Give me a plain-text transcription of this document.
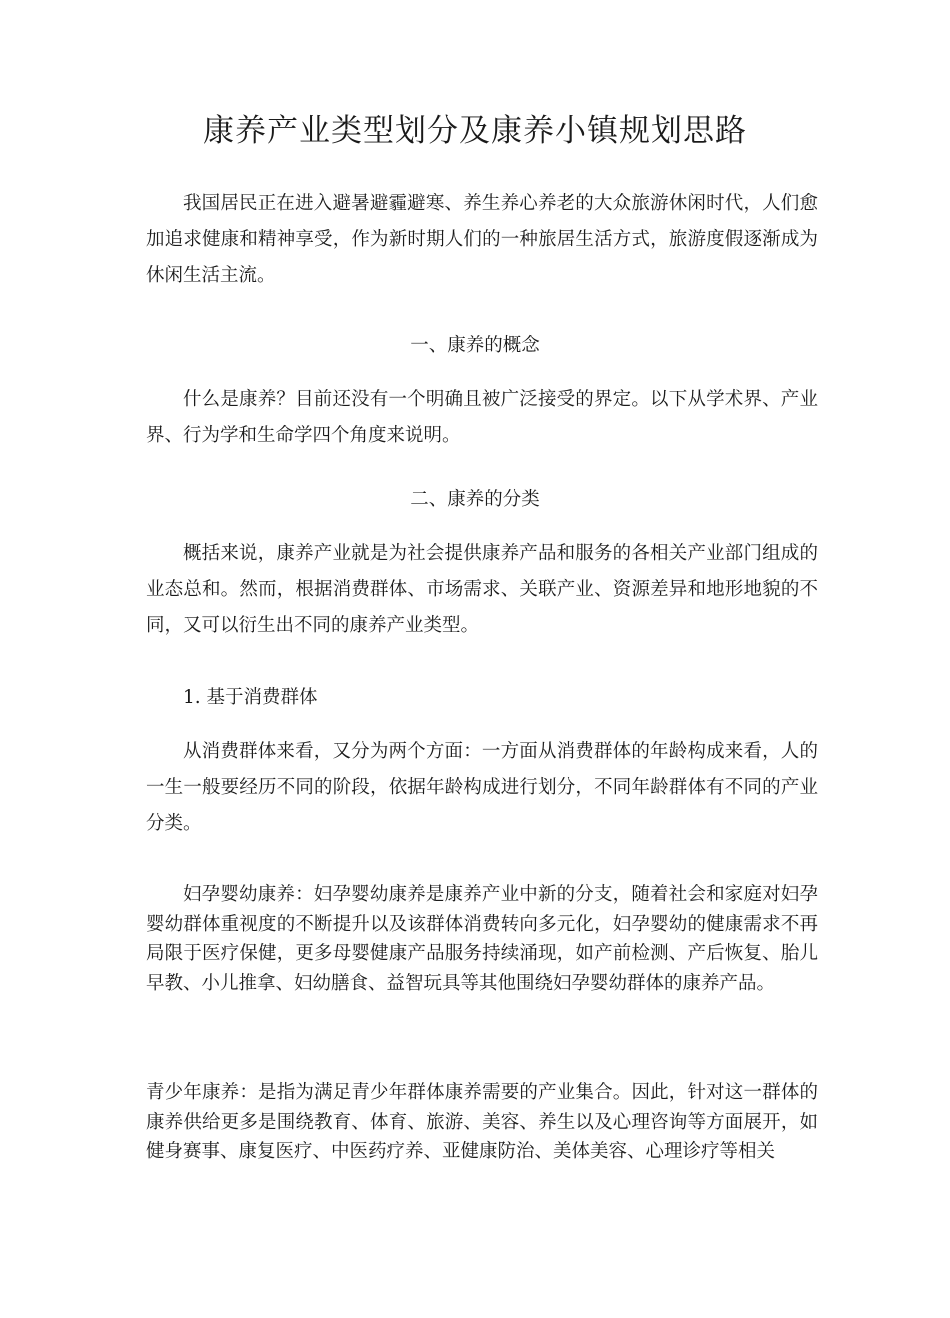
康养产业类型划分及康养小镇规划思路

我国居民正在进入避暑避霾避寒、养生养心养老的大众旅游休闲时代，人们愈加追求健康和精神享受，作为新时期人们的一种旅居生活方式，旅游度假逐渐成为休闲生活主流。

一、康养的概念

什么是康养？目前还没有一个明确且被广泛接受的界定。以下从学术界、产业界、行为学和生命学四个角度来说明。

二、康养的分类

概括来说，康养产业就是为社会提供康养产品和服务的各相关产业部门组成的业态总和。然而，根据消费群体、市场需求、关联产业、资源差异和地形地貌的不同，又可以衍生出不同的康养产业类型。

1. 基于消费群体

从消费群体来看，又分为两个方面：一方面从消费群体的年龄构成来看，人的一生一般要经历不同的阶段，依据年龄构成进行划分，不同年龄群体有不同的产业分类。

妇孕婴幼康养：妇孕婴幼康养是康养产业中新的分支，随着社会和家庭对妇孕婴幼群体重视度的不断提升以及该群体消费转向多元化，妇孕婴幼的健康需求不再局限于医疗保健，更多母婴健康产品服务持续涌现，如产前检测、产后恢复、胎儿早教、小儿推拿、妇幼膳食、益智玩具等其他围绕妇孕婴幼群体的康养产品。

青少年康养：是指为满足青少年群体康养需要的产业集合。因此，针对这一群体的康养供给更多是围绕教育、体育、旅游、美容、养生以及心理咨询等方面展开，如健身赛事、康复医疗、中医药疗养、亚健康防治、美体美容、心理诊疗等相关
